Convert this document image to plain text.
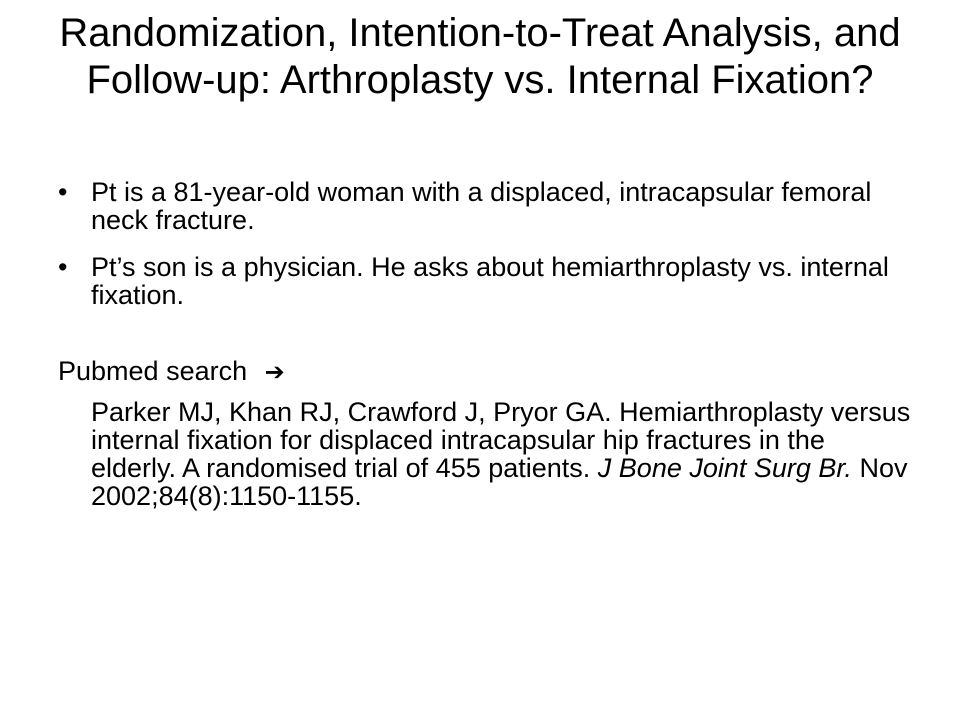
Randomization, Intention-to-Treat Analysis, and Follow-up: Arthroplasty vs. Internal Fixation?
• Pt is a 81-year-old woman with a displaced, intracapsular femoral neck fracture.
• Pt’s son is a physician. He asks about hemiarthroplasty vs. internal fixation.
Pubmed search ➔
Parker MJ, Khan RJ, Crawford J, Pryor GA. Hemiarthroplasty versus internal fixation for displaced intracapsular hip fractures in the elderly. A randomised trial of 455 patients. J Bone Joint Surg Br. Nov 2002;84(8):1150-1155.
